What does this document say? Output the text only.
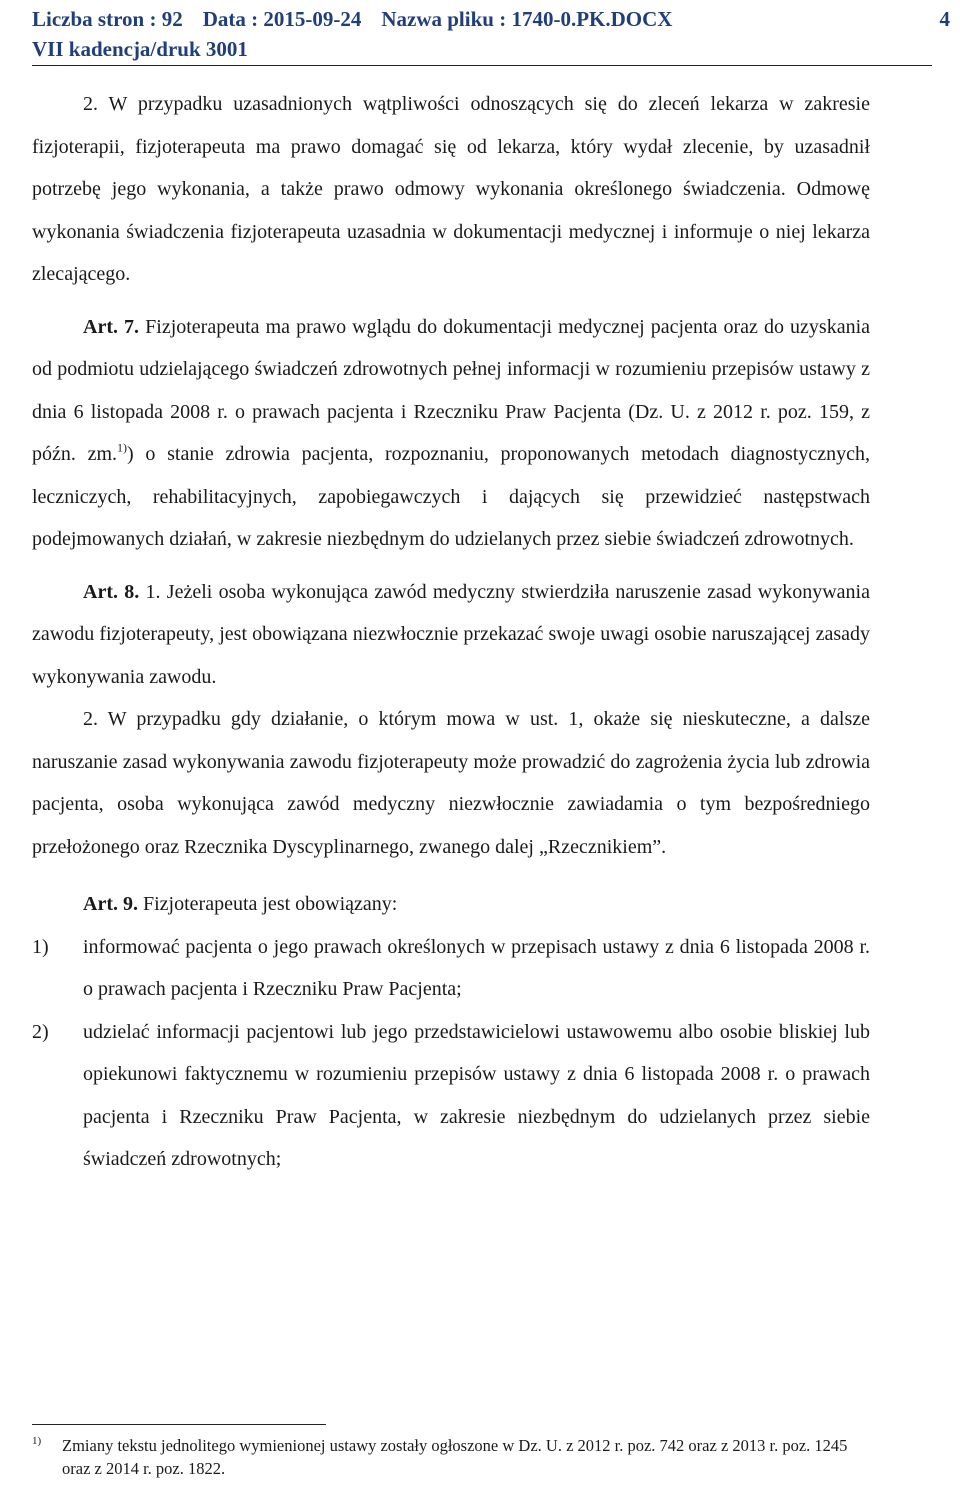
Liczba stron : 92 Data : 2015-09-24 Nazwa pliku : 1740-0.PK.DOCX
VII kadencja/druk 3001
4

2. W przypadku uzasadnionych wątpliwości odnoszących się do zleceń lekarza w zakresie fizjoterapii, fizjoterapeuta ma prawo domagać się od lekarza, który wydał zlecenie, by uzasadnił potrzebę jego wykonania, a także prawo odmowy wykonania określonego świadczenia. Odmowę wykonania świadczenia fizjoterapeuta uzasadnia w dokumentacji medycznej i informuje o niej lekarza zlecającego.

Art. 7. Fizjoterapeuta ma prawo wglądu do dokumentacji medycznej pacjenta oraz do uzyskania od podmiotu udzielającego świadczeń zdrowotnych pełnej informacji w rozumieniu przepisów ustawy z dnia 6 listopada 2008 r. o prawach pacjenta i Rzeczniku Praw Pacjenta (Dz. U. z 2012 r. poz. 159, z późn. zm.$^{1)}$) o stanie zdrowia pacjenta, rozpoznaniu, proponowanych metodach diagnostycznych, leczniczych, rehabilitacyjnych, zapobiegawczych i dających się przewidzieć następstwach podejmowanych działań, w zakresie niezbędnym do udzielanych przez siebie świadczeń zdrowotnych.

Art. 8. 1. Jeżeli osoba wykonująca zawód medyczny stwierdziła naruszenie zasad wykonywania zawodu fizjoterapeuty, jest obowiązana niezwłocznie przekazać swoje uwagi osobie naruszającej zasady wykonywania zawodu.

2. W przypadku gdy działanie, o którym mowa w ust. 1, okaże się nieskuteczne, a dalsze naruszanie zasad wykonywania zawodu fizjoterapeuty może prowadzić do zagrożenia życia lub zdrowia pacjenta, osoba wykonująca zawód medyczny niezwłocznie zawiadamia o tym bezpośredniego przełożonego oraz Rzecznika Dyscyplinarnego, zwanego dalej „Rzecznikiem”.

Art. 9. Fizjoterapeuta jest obowiązany:

1) informować pacjenta o jego prawach określonych w przepisach ustawy z dnia 6 listopada 2008 r. o prawach pacjenta i Rzeczniku Praw Pacjenta;
2) udzielać informacji pacjentowi lub jego przedstawicielowi ustawowemu albo osobie bliskiej lub opiekunowi faktycznemu w rozumieniu przepisów ustawy z dnia 6 listopada 2008 r. o prawach pacjenta i Rzeczniku Praw Pacjenta, w zakresie niezbędnym do udzielanych przez siebie świadczeń zdrowotnych;
1) Zmiany tekstu jednolitego wymienionej ustawy zostały ogłoszone w Dz. U. z 2012 r. poz. 742 oraz z 2013 r. poz. 1245 oraz z 2014 r. poz. 1822.
